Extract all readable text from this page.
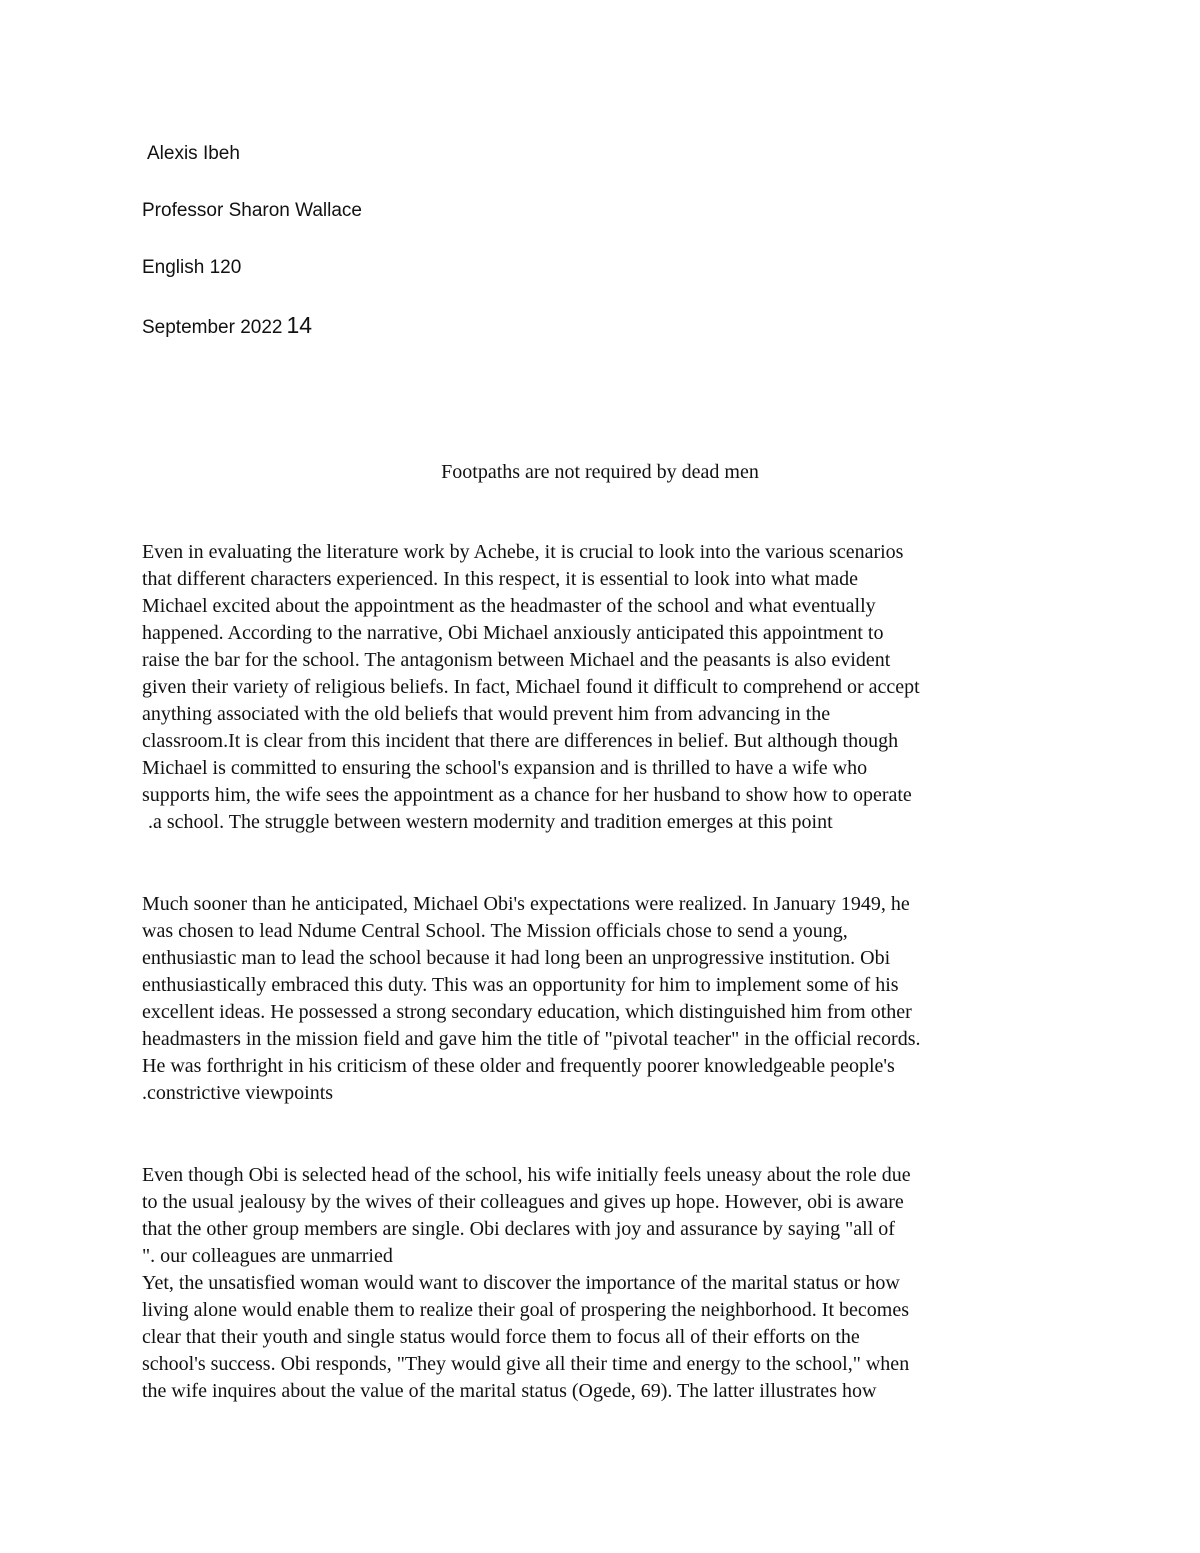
Alexis Ibeh
Professor Sharon Wallace
English 120
September 2022 14
Footpaths are not required by dead men
Even in evaluating the literature work by Achebe, it is crucial to look into the various scenarios
that different characters experienced. In this respect, it is essential to look into what made
Michael excited about the appointment as the headmaster of the school and what eventually
happened. According to the narrative, Obi Michael anxiously anticipated this appointment to
raise the bar for the school. The antagonism between Michael and the peasants is also evident
given their variety of religious beliefs. In fact, Michael found it difficult to comprehend or accept
anything associated with the old beliefs that would prevent him from advancing in the
classroom.It is clear from this incident that there are differences in belief. But although though
Michael is committed to ensuring the school's expansion and is thrilled to have a wife who
supports him, the wife sees the appointment as a chance for her husband to show how to operate
.a school. The struggle between western modernity and tradition emerges at this point
Much sooner than he anticipated, Michael Obi's expectations were realized. In January 1949, he
was chosen to lead Ndume Central School. The Mission officials chose to send a young,
enthusiastic man to lead the school because it had long been an unprogressive institution. Obi
enthusiastically embraced this duty. This was an opportunity for him to implement some of his
excellent ideas. He possessed a strong secondary education, which distinguished him from other
headmasters in the mission field and gave him the title of "pivotal teacher" in the official records.
He was forthright in his criticism of these older and frequently poorer knowledgeable people's
.constrictive viewpoints
Even though Obi is selected head of the school, his wife initially feels uneasy about the role due
to the usual jealousy by the wives of their colleagues and gives up hope. However, obi is aware
that the other group members are single. Obi declares with joy and assurance by saying "all of
". our colleagues are unmarried
Yet, the unsatisfied woman would want to discover the importance of the marital status or how
living alone would enable them to realize their goal of prospering the neighborhood. It becomes
clear that their youth and single status would force them to focus all of their efforts on the
school's success. Obi responds, "They would give all their time and energy to the school," when
the wife inquires about the value of the marital status (Ogede, 69). The latter illustrates how
